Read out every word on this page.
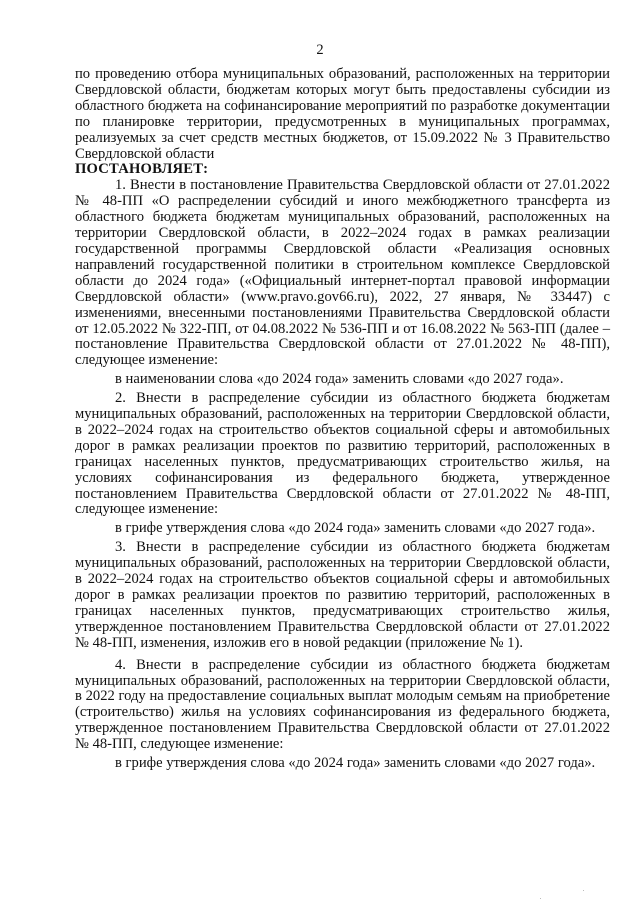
2

по проведению отбора муниципальных образований, расположенных на территории Свердловской области, бюджетам которых могут быть предоставлены субсидии из областного бюджета на софинансирование мероприятий по разработке документации по планировке территории, предусмотренных в муниципальных программах, реализуемых за счет средств местных бюджетов, от 15.09.2022 № 3 Правительство Свердловской области

ПОСТАНОВЛЯЕТ:

1. Внести в постановление Правительства Свердловской области от 27.01.2022 № 48-ПП «О распределении субсидий и иного межбюджетного трансферта из областного бюджета бюджетам муниципальных образований, расположенных на территории Свердловской области, в 2022–2024 годах в рамках реализации государственной программы Свердловской области «Реализация основных направлений государственной политики в строительном комплексе Свердловской области до 2024 года» («Официальный интернет-портал правовой информации Свердловской области» (www.pravo.gov66.ru), 2022, 27 января, № 33447) с изменениями, внесенными постановлениями Правительства Свердловской области от 12.05.2022 № 322-ПП, от 04.08.2022 № 536-ПП и от 16.08.2022 № 563-ПП (далее – постановление Правительства Свердловской области от 27.01.2022 № 48-ПП), следующее изменение:

в наименовании слова «до 2024 года» заменить словами «до 2027 года».

2. Внести в распределение субсидии из областного бюджета бюджетам муниципальных образований, расположенных на территории Свердловской области, в 2022–2024 годах на строительство объектов социальной сферы и автомобильных дорог в рамках реализации проектов по развитию территорий, расположенных в границах населенных пунктов, предусматривающих строительство жилья, на условиях софинансирования из федерального бюджета, утвержденное постановлением Правительства Свердловской области от 27.01.2022 № 48-ПП, следующее изменение:

в грифе утверждения слова «до 2024 года» заменить словами «до 2027 года».

3. Внести в распределение субсидии из областного бюджета бюджетам муниципальных образований, расположенных на территории Свердловской области, в 2022–2024 годах на строительство объектов социальной сферы и автомобильных дорог в рамках реализации проектов по развитию территорий, расположенных в границах населенных пунктов, предусматривающих строительство жилья, утвержденное постановлением Правительства Свердловской области от 27.01.2022 № 48-ПП, изменения, изложив его в новой редакции (приложение № 1).

4. Внести в распределение субсидии из областного бюджета бюджетам муниципальных образований, расположенных на территории Свердловской области, в 2022 году на предоставление социальных выплат молодым семьям на приобретение (строительство) жилья на условиях софинансирования из федерального бюджета, утвержденное постановлением Правительства Свердловской области от 27.01.2022 № 48-ПП, следующее изменение:

в грифе утверждения слова «до 2024 года» заменить словами «до 2027 года».
